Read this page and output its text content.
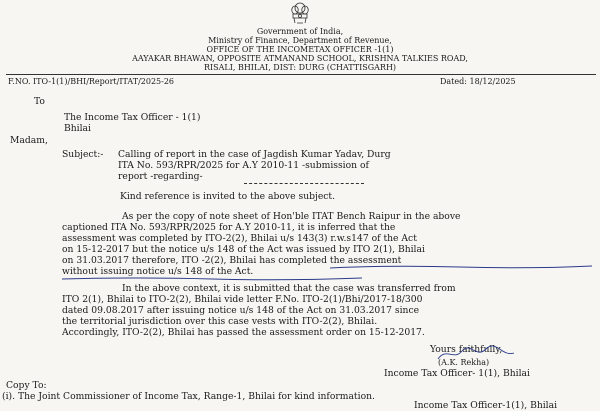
Government of India,
Ministry of Finance, Department of Revenue,
OFFICE OF THE INCOMETAX OFFICER -1(1)
AAYAKAR BHAWAN, OPPOSITE ATMANAND SCHOOL, KRISHNA TALKIES ROAD,
RISALI, BHILAI, DIST: DURG (CHATTISGARH)
F.NO. ITO-1(1)/BHI/Report/ITAT/2025-26	Dated: 18/12/2025
To
The Income Tax Officer - 1(1)
Bhilai
Madam,
Subject:- Calling of report in the case of Jagdish Kumar Yadav, Durg
ITA No. 593/RPR/2025 for A.Y 2010-11 -submission of
report -regarding-
Kind reference is invited to the above subject.
As per the copy of note sheet of Hon'ble ITAT Bench Raipur in the above
captioned ITA No. 593/RPR/2025 for A.Y 2010-11, it is inferred that the
assessment was completed by ITO-2(2), Bhilai u/s 143(3) r.w.s147 of the Act
on 15-12-2017 but the notice u/s 148 of the Act was issued by ITO 2(1), Bhilai
on 31.03.2017 therefore, ITO -2(2), Bhilai has completed the assessment
without issuing notice u/s 148 of the Act.
In the above context, it is submitted that the case was transferred from
ITO 2(1), Bhilai to ITO-2(2), Bhilai vide letter F.No. ITO-2(1)/Bhi/2017-18/300
dated 09.08.2017 after issuing notice u/s 148 of the Act on 31.03.2017 since
the territorial jurisdiction over this case vests with ITO-2(2), Bhilai.
Accordingly, ITO-2(2), Bhilai has passed the assessment order on 15-12-2017.
Yours faithfully,
(A.K. Rekha)
Income Tax Officer- 1(1), Bhilai
Copy To:
(i). The Joint Commissioner of Income Tax, Range-1, Bhilai for kind information.
Income Tax Officer-1(1), Bhilai
